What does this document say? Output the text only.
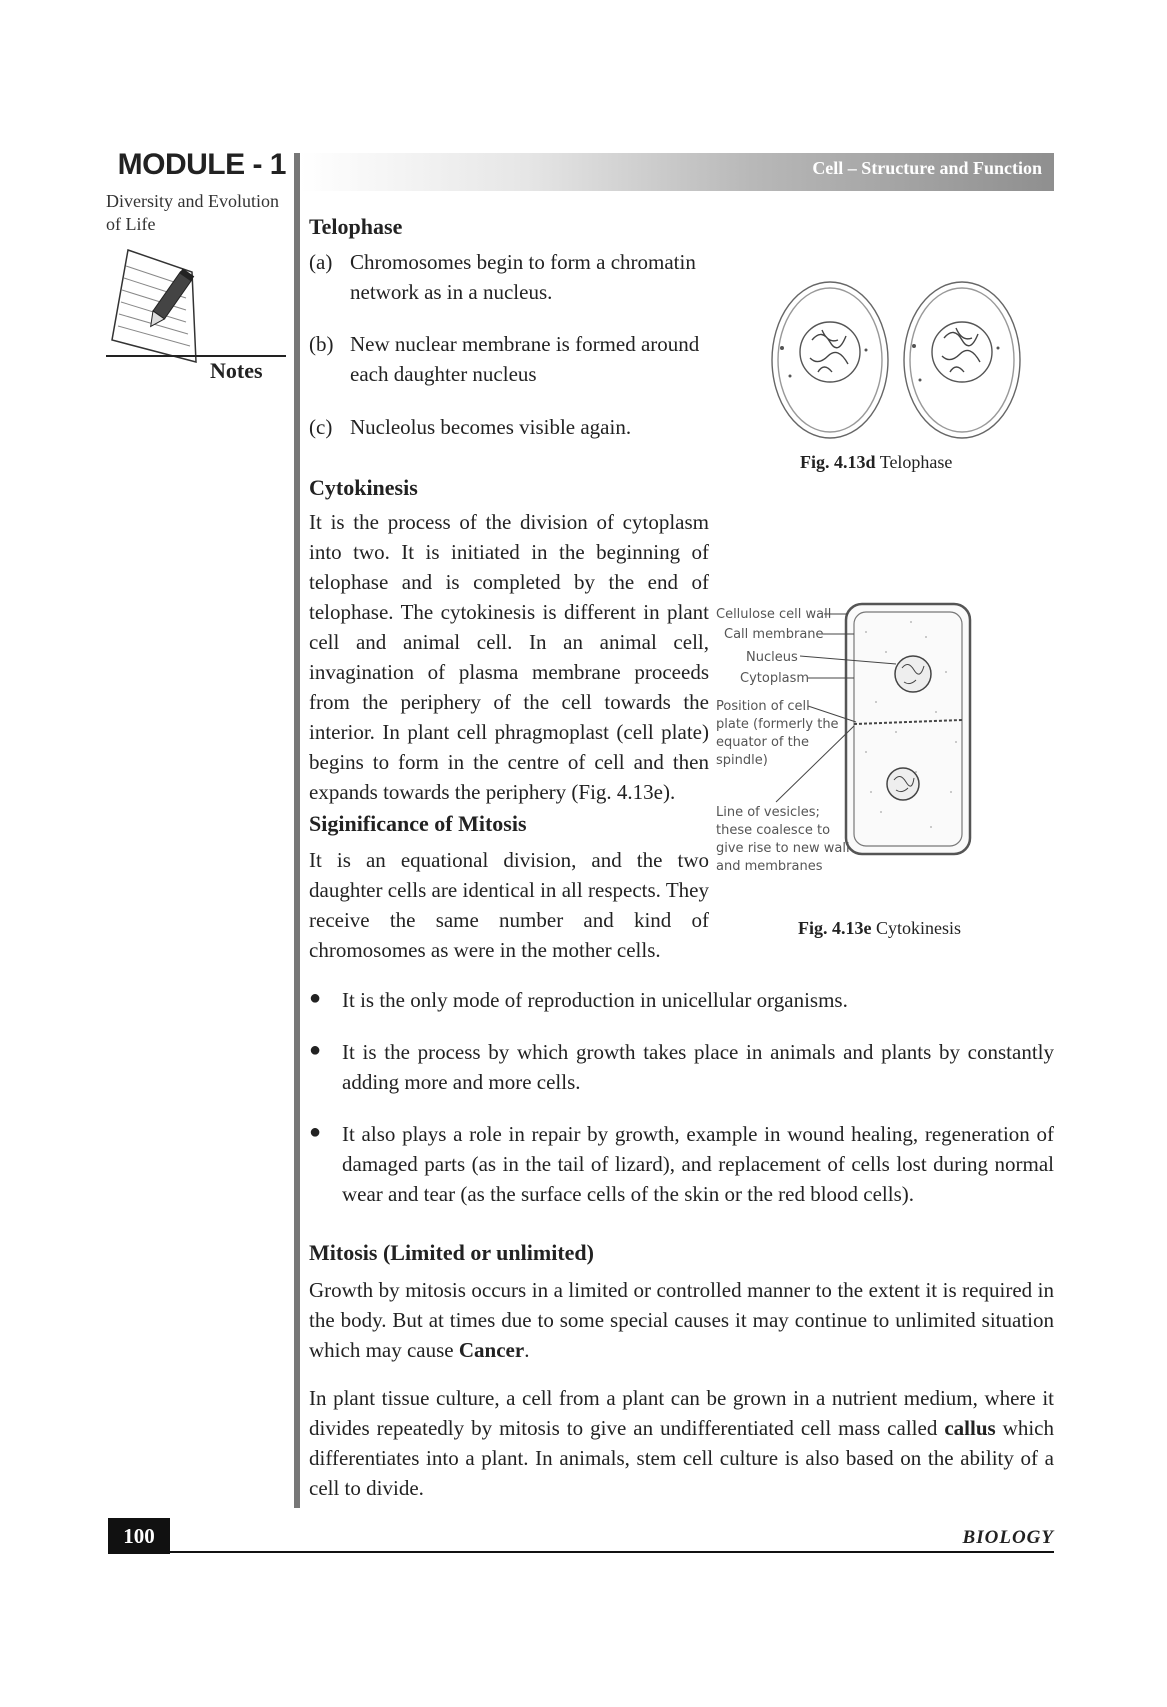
MODULE - 1
Diversity and Evolution of Life
Notes
Cell – Structure and Function
Telophase
(a) Chromosomes begin to form a chromatin network as in a nucleus.
(b) New nuclear membrane is formed around each daughter nucleus
(c) Nucleolus becomes visible again.
Fig. 4.13d Telophase
Cytokinesis

It is the process of the division of cytoplasm into two. It is initiated in the beginning of telophase and is completed by the end of telophase. The cytokinesis is different in plant cell and animal cell. In an animal cell, invagination of plasma membrane proceeds from the periphery of the cell towards the interior. In plant cell phragmoplast (cell plate) begins to form in the centre of cell and then expands towards the periphery (Fig. 4.13e).

Cellulose cell wall
Call membrane
Nucleus
Cytoplasm
Position of cell
plate (formerly the
equator of the
spindle)
Line of vesicles;
these coalesce to
give rise to new wall
and membranes
Fig. 4.13e Cytokinesis
Siginificance of Mitosis

It is an equational division, and the two daughter cells are identical in all respects. They receive the same number and kind of chromosomes as were in the mother cells.

● It is the only mode of reproduction in unicellular organisms.
● It is the process by which growth takes place in animals and plants by constantly adding more and more cells.
● It also plays a role in repair by growth, example in wound healing, regeneration of damaged parts (as in the tail of lizard), and replacement of cells lost during normal wear and tear (as the surface cells of the skin or the red blood cells).
Mitosis (Limited or unlimited)

Growth by mitosis occurs in a limited or controlled manner to the extent it is required in the body. But at times due to some special causes it may continue to unlimited situation which may cause Cancer.

In plant tissue culture, a cell from a plant can be grown in a nutrient medium, where it divides repeatedly by mitosis to give an undifferentiated cell mass called callus which differentiates into a plant. In animals, stem cell culture is also based on the ability of a cell to divide.

100	BIOLOGY
